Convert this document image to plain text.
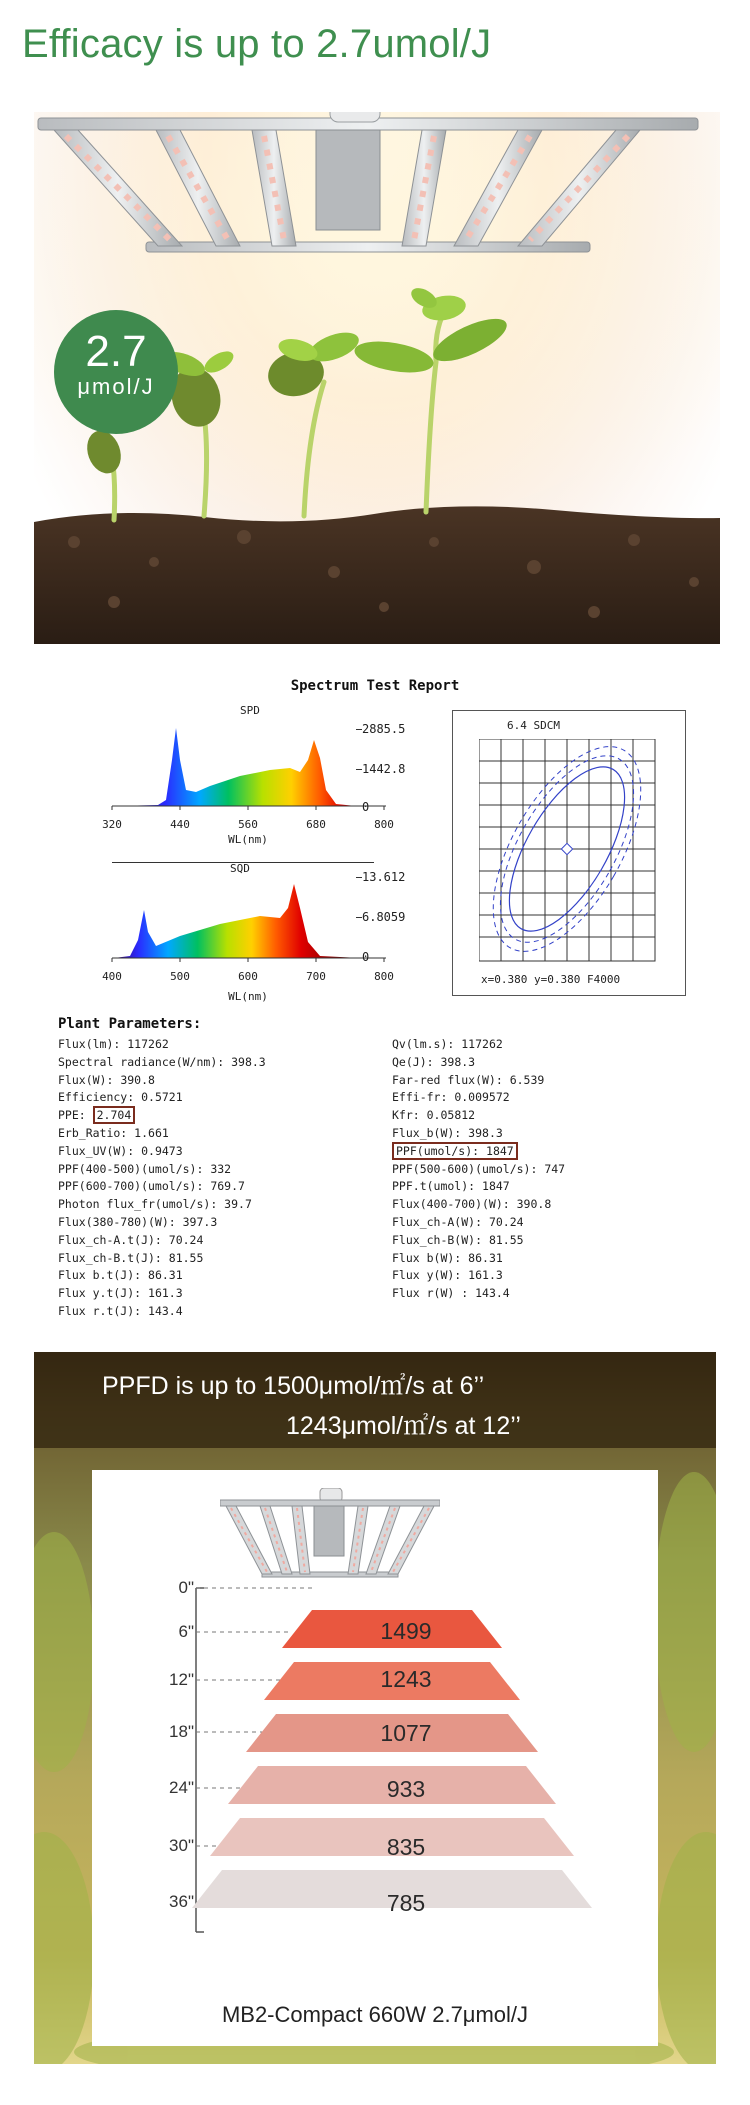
Efficacy is up to 2.7umol/J
2.7
μmol/J
Spectrum Test Report
SPD
320	440	560	680	800
WL(nm)
2885.5
1442.8
0
SQD
400	500	600	700	800
WL(nm)
13.612
6.8059
0
6.4 SDCM
x=0.380 y=0.380 F4000
Plant Parameters:
Flux(lm): 117262
Spectral radiance(W/nm): 398.3
Flux(W): 390.8
Efficiency: 0.5721
PPE: 2.704
Erb_Ratio: 1.661
Flux_UV(W): 0.9473
PPF(400-500)(umol/s): 332
PPF(600-700)(umol/s): 769.7
Photon flux_fr(umol/s): 39.7
Flux(380-780)(W): 397.3
Flux_ch-A.t(J): 70.24
Flux_ch-B.t(J): 81.55
Flux b.t(J): 86.31
Flux y.t(J): 161.3
Flux r.t(J): 143.4
Qv(lm.s): 117262
Qe(J): 398.3
Far-red flux(W): 6.539
Effi-fr: 0.009572
Kfr: 0.05812
Flux_b(W): 398.3
PPF(umol/s): 1847
PPF(500-600)(umol/s): 747
PPF.t(umol): 1847
Flux(400-700)(W): 390.8
Flux_ch-A(W): 70.24
Flux_ch-B(W): 81.55
Flux b(W): 86.31
Flux y(W): 161.3
Flux r(W) : 143.4
PPFD is up to 1500μmol/㎡/s at 6’’
1243μmol/㎡/s at 12’’
0"
6"
12"
18"
24"
30"
36"
1499
1243
1077
933
835
785
MB2-Compact 660W 2.7μmol/J
